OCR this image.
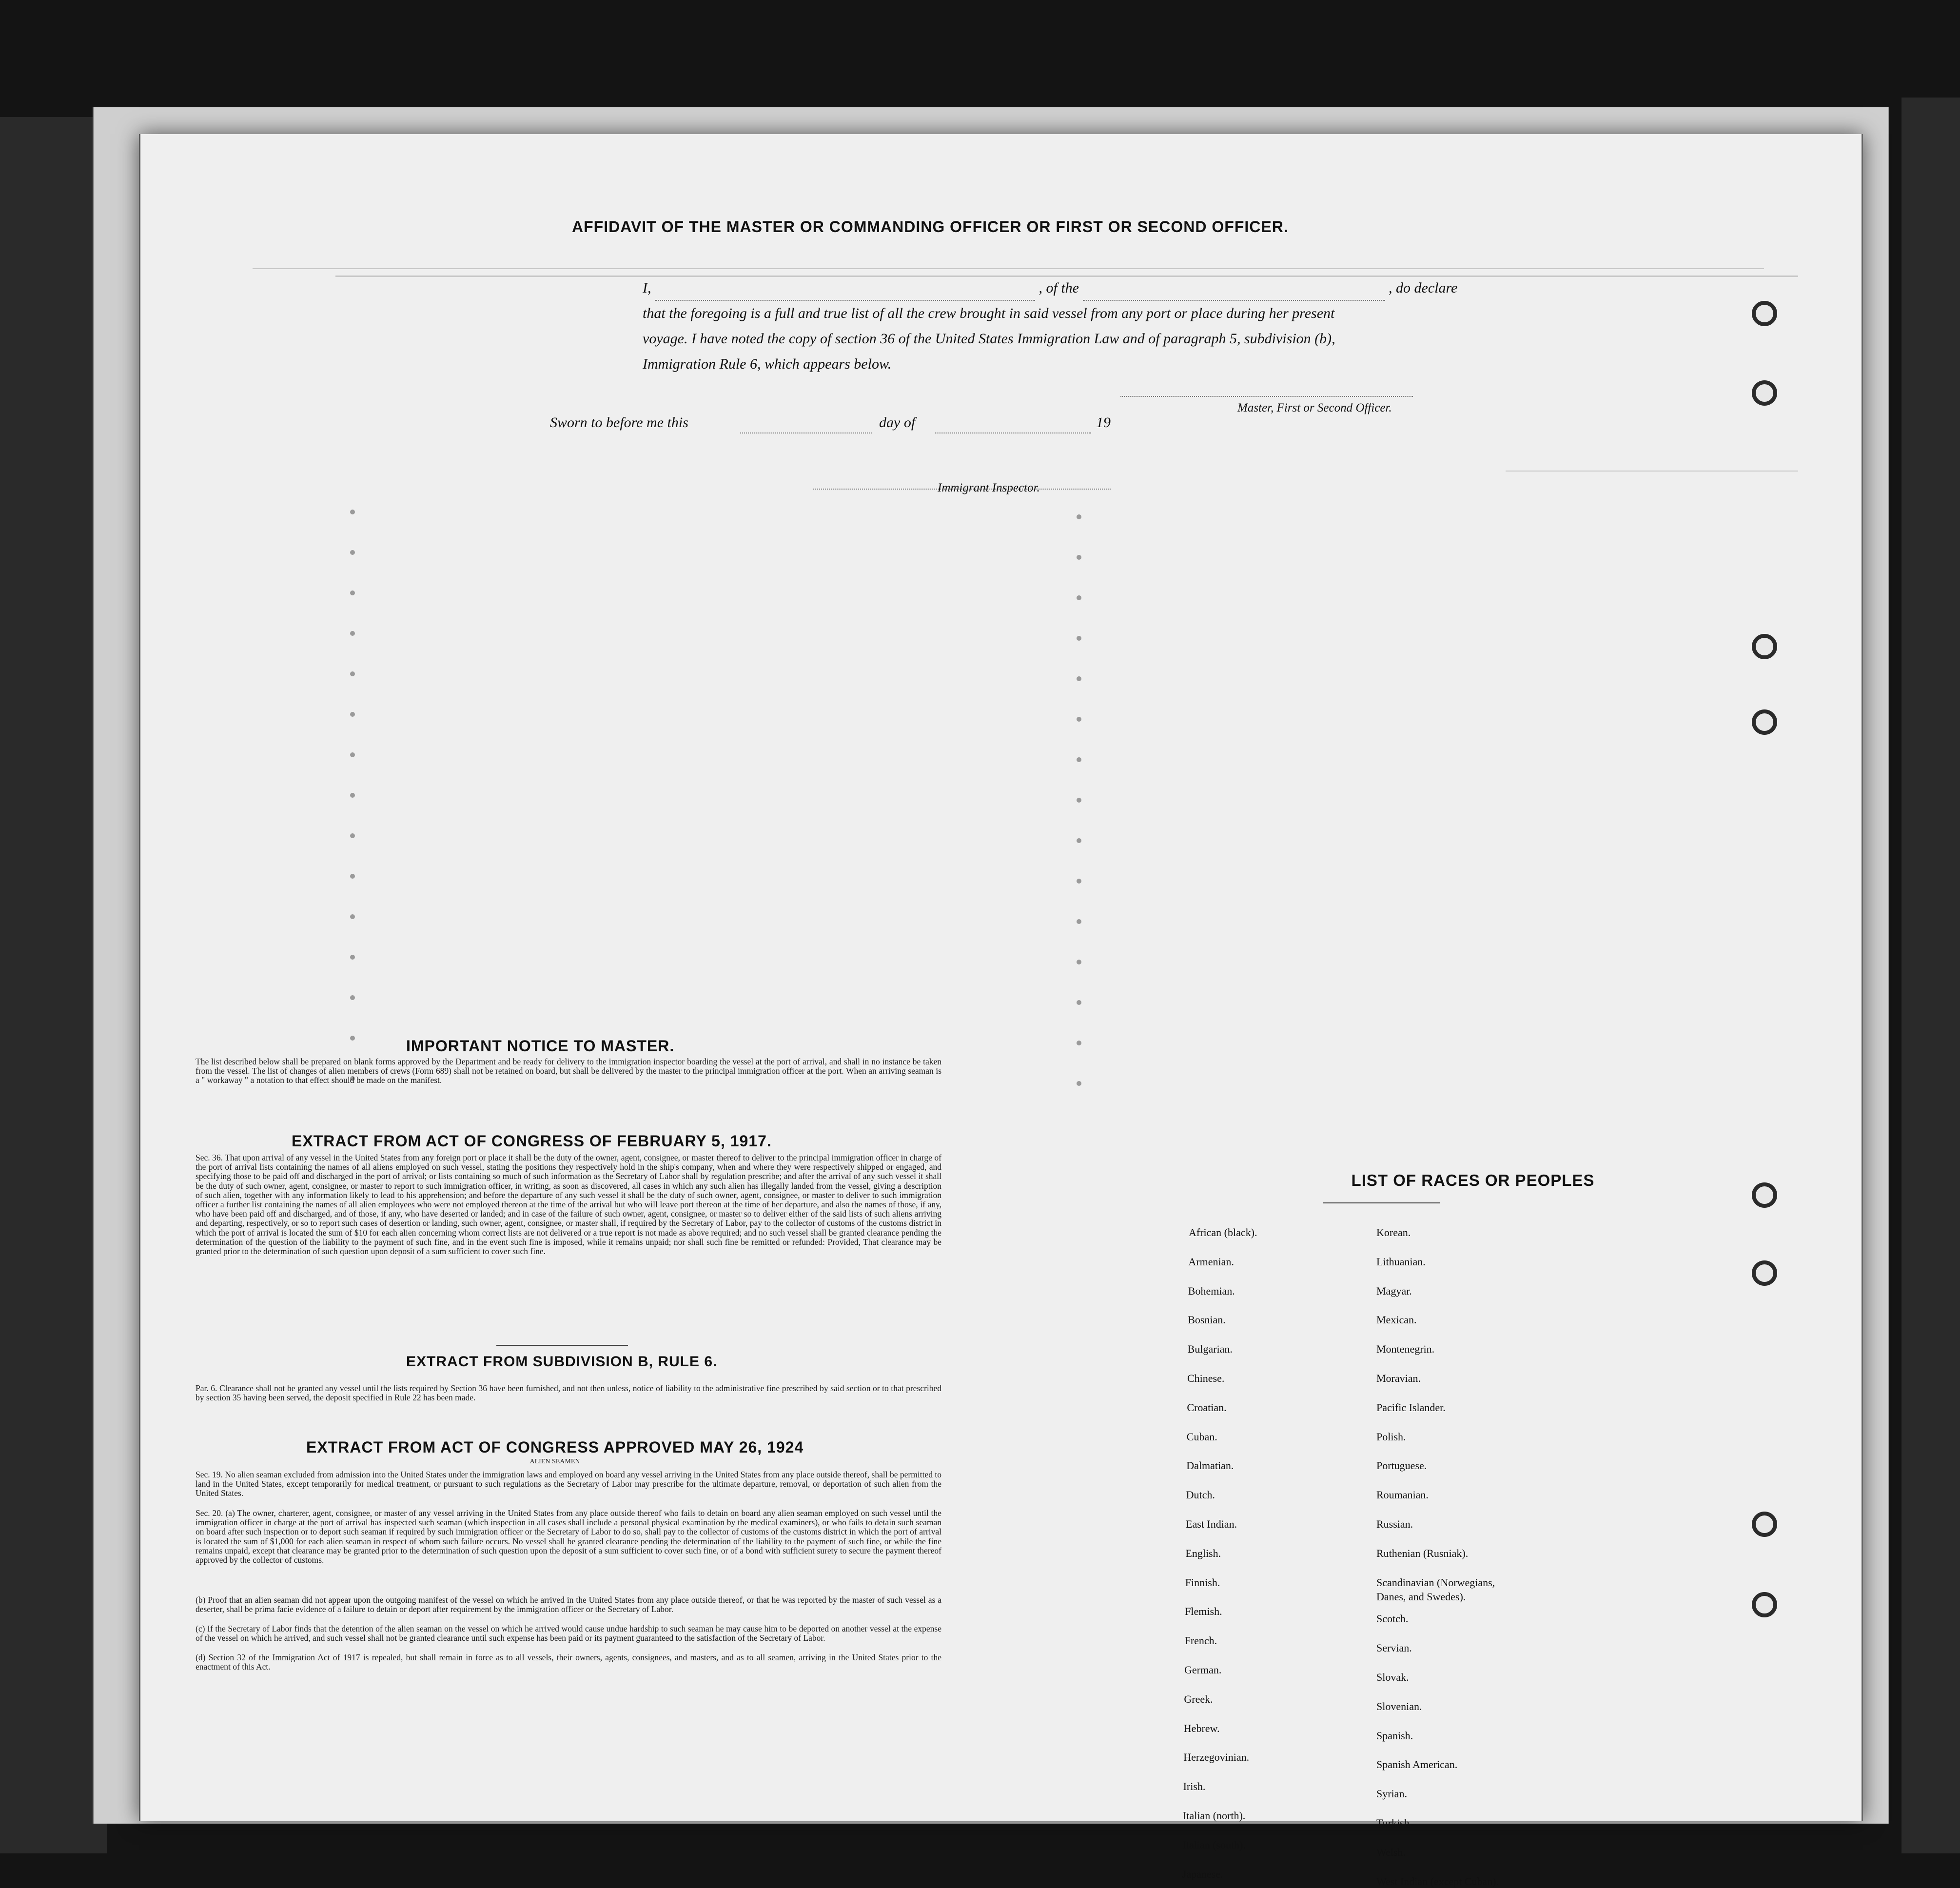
AFFIDAVIT OF THE MASTER OR COMMANDING OFFICER OR FIRST OR SECOND OFFICER.
I,	, of the	, do declare
that the foregoing is a full and true list of all the crew brought in said vessel from any port or place during her present
voyage. I have noted the copy of section 36 of the United States Immigration Law and of paragraph 5, subdivision (b),
Immigration Rule 6, which appears below.
Master, First or Second Officer.
Sworn to before me this	day of	19
Immigrant Inspector.
IMPORTANT NOTICE TO MASTER.
The list described below shall be prepared on blank forms approved by the Department and be ready for delivery to the immigration inspector boarding the vessel at the port of arrival, and shall in no instance be taken from the vessel. The list of changes of alien members of crews (Form 689) shall not be retained on board, but shall be delivered by the master to the principal immigration officer at the port. When an arriving seaman is a " workaway " a notation to that effect should be made on the manifest.
EXTRACT FROM ACT OF CONGRESS OF FEBRUARY 5, 1917.
Sec. 36. That upon arrival of any vessel in the United States from any foreign port or place it shall be the duty of the owner, agent, consignee, or master thereof to deliver to the principal immigration officer in charge of the port of arrival lists containing the names of all aliens employed on such vessel, stating the positions they respectively hold in the ship's company, when and where they were respectively shipped or engaged, and specifying those to be paid off and discharged in the port of arrival; or lists containing so much of such information as the Secretary of Labor shall by regulation prescribe; and after the arrival of any such vessel it shall be the duty of such owner, agent, consignee, or master to report to such immigration officer, in writing, as soon as discovered, all cases in which any such alien has illegally landed from the vessel, giving a description of such alien, together with any information likely to lead to his apprehension; and before the departure of any such vessel it shall be the duty of such owner, agent, consignee, or master to deliver to such immigration officer a further list containing the names of all alien employees who were not employed thereon at the time of the arrival but who will leave port thereon at the time of her departure, and also the names of those, if any, who have been paid off and discharged, and of those, if any, who have deserted or landed; and in case of the failure of such owner, agent, consignee, or master so to deliver either of the said lists of such aliens arriving and departing, respectively, or so to report such cases of desertion or landing, such owner, agent, consignee, or master shall, if required by the Secretary of Labor, pay to the collector of customs of the customs district in which the port of arrival is located the sum of $10 for each alien concerning whom correct lists are not delivered or a true report is not made as above required; and no such vessel shall be granted clearance pending the determination of the question of the liability to the payment of such fine, and in the event such fine is imposed, while it remains unpaid; nor shall such fine be remitted or refunded: Provided, That clearance may be granted prior to the determination of such question upon deposit of a sum sufficient to cover such fine.
EXTRACT FROM SUBDIVISION B, RULE 6.
Par. 6. Clearance shall not be granted any vessel until the lists required by Section 36 have been furnished, and not then unless, notice of liability to the administrative fine prescribed by said section or to that prescribed by section 35 having been served, the deposit specified in Rule 22 has been made.
EXTRACT FROM ACT OF CONGRESS APPROVED MAY 26, 1924
ALIEN SEAMEN
Sec. 19. No alien seaman excluded from admission into the United States under the immigration laws and employed on board any vessel arriving in the United States from any place outside thereof, shall be permitted to land in the United States, except temporarily for medical treatment, or pursuant to such regulations as the Secretary of Labor may prescribe for the ultimate departure, removal, or deportation of such alien from the United States.
Sec. 20. (a) The owner, charterer, agent, consignee, or master of any vessel arriving in the United States from any place outside thereof who fails to detain on board any alien seaman employed on such vessel until the immigration officer in charge at the port of arrival has inspected such seaman (which inspection in all cases shall include a personal physical examination by the medical examiners), or who fails to detain such seaman on board after such inspection or to deport such seaman if required by such immigration officer or the Secretary of Labor to do so, shall pay to the collector of customs of the customs district in which the port of arrival is located the sum of $1,000 for each alien seaman in respect of whom such failure occurs. No vessel shall be granted clearance pending the determination of the liability to the payment of such fine, or while the fine remains unpaid, except that clearance may be granted prior to the determination of such question upon the deposit of a sum sufficient to cover such fine, or of a bond with sufficient surety to secure the payment thereof approved by the collector of customs.
(b) Proof that an alien seaman did not appear upon the outgoing manifest of the vessel on which he arrived in the United States from any place outside thereof, or that he was reported by the master of such vessel as a deserter, shall be prima facie evidence of a failure to detain or deport after requirement by the immigration officer or the Secretary of Labor.
(c) If the Secretary of Labor finds that the detention of the alien seaman on the vessel on which he arrived would cause undue hardship to such seaman he may cause him to be deported on another vessel at the expense of the vessel on which he arrived, and such vessel shall not be granted clearance until such expense has been paid or its payment guaranteed to the satisfaction of the Secretary of Labor.
(d) Section 32 of the Immigration Act of 1917 is repealed, but shall remain in force as to all vessels, their owners, agents, consignees, and masters, and as to all seamen, arriving in the United States prior to the enactment of this Act.
LIST OF RACES OR PEOPLES
African (black).
Armenian.
Bohemian.
Bosnian.
Bulgarian.
Chinese.
Croatian.
Cuban.
Dalmatian.
Dutch.
East Indian.
English.
Finnish.
Flemish.
French.
German.
Greek.
Hebrew.
Herzegovinian.
Irish.
Italian (north).
Italian (south).
Japanese.
Korean.
Lithuanian.
Magyar.
Mexican.
Montenegrin.
Moravian.
Pacific Islander.
Polish.
Portuguese.
Roumanian.
Russian.
Ruthenian (Rusniak).
Scandinavian (Norwegians,
Scotch.
Servian.
Slovak.
Slovenian.
Spanish.
Spanish American.
Syrian.
Turkish.
Welsh.
West Indian (except Cuban).
Danes, and Swedes).
